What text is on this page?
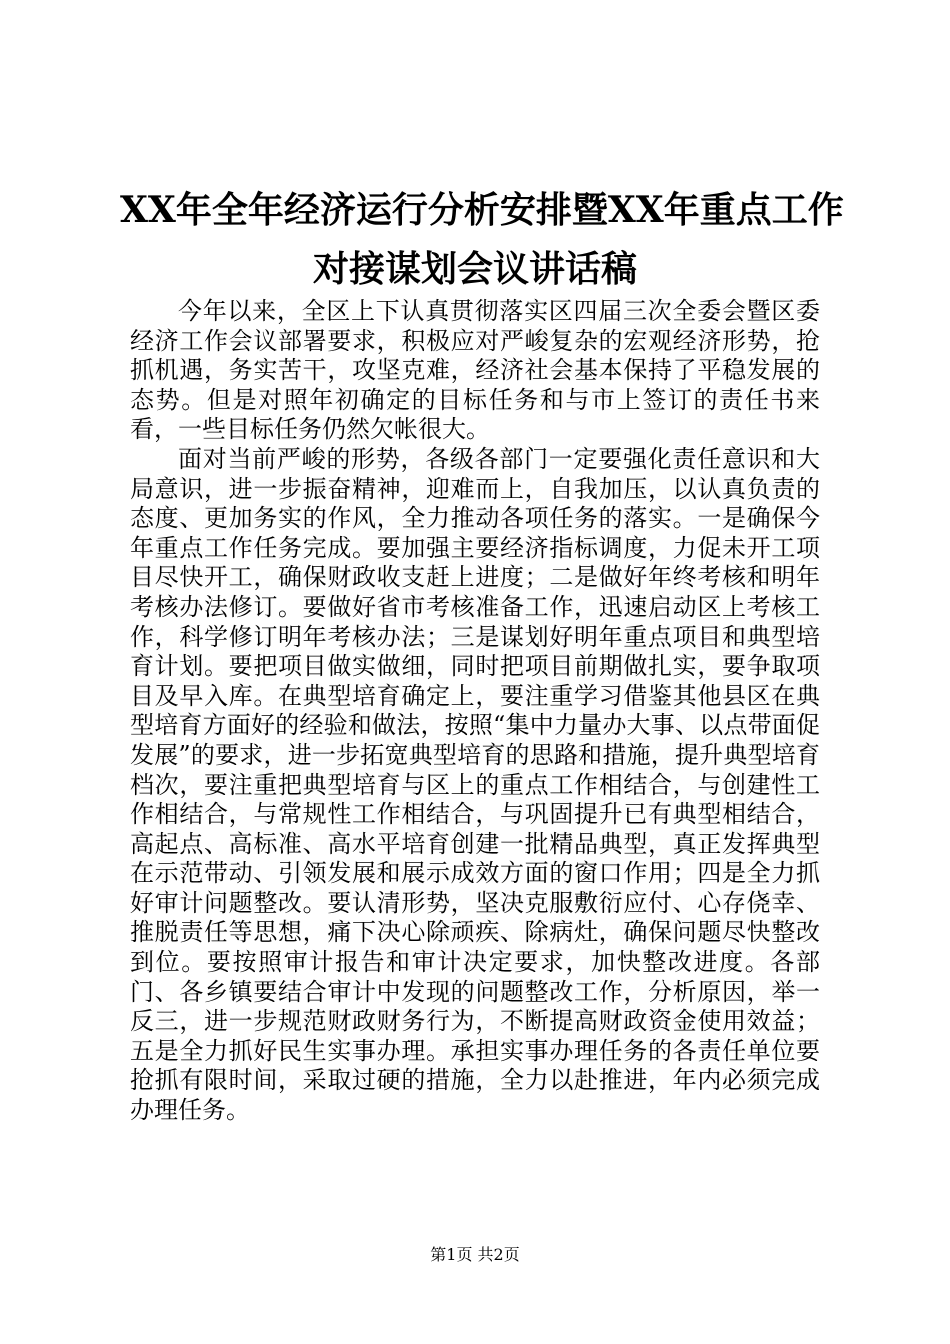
XX年全年经济运行分析安排暨XX年重点工作
对接谋划会议讲话稿

今年以来，全区上下认真贯彻落实区四届三次全委会暨区委经济工作会议部署要求，积极应对严峻复杂的宏观经济形势，抢抓机遇，务实苦干，攻坚克难，经济社会基本保持了平稳发展的态势。但是对照年初确定的目标任务和与市上签订的责任书来看，一些目标任务仍然欠帐很大。

面对当前严峻的形势，各级各部门一定要强化责任意识和大局意识，进一步振奋精神，迎难而上，自我加压，以认真负责的态度、更加务实的作风，全力推动各项任务的落实。一是确保今年重点工作任务完成。要加强主要经济指标调度，力促未开工项目尽快开工，确保财政收支赶上进度；二是做好年终考核和明年考核办法修订。要做好省市考核准备工作，迅速启动区上考核工作，科学修订明年考核办法；三是谋划好明年重点项目和典型培育计划。要把项目做实做细，同时把项目前期做扎实，要争取项目及早入库。在典型培育确定上，要注重学习借鉴其他县区在典型培育方面好的经验和做法，按照“集中力量办大事、以点带面促发展”的要求，进一步拓宽典型培育的思路和措施，提升典型培育档次，要注重把典型培育与区上的重点工作相结合，与创建性工作相结合，与常规性工作相结合，与巩固提升已有典型相结合，高起点、高标准、高水平培育创建一批精品典型，真正发挥典型在示范带动、引领发展和展示成效方面的窗口作用；四是全力抓好审计问题整改。要认清形势，坚决克服敷衍应付、心存侥幸、推脱责任等思想，痛下决心除顽疾、除病灶，确保问题尽快整改到位。要按照审计报告和审计决定要求，加快整改进度。各部门、各乡镇要结合审计中发现的问题整改工作，分析原因，举一反三，进一步规范财政财务行为，不断提高财政资金使用效益；五是全力抓好民生实事办理。承担实事办理任务的各责任单位要抢抓有限时间，采取过硬的措施，全力以赴推进，年内必须完成办理任务。

第1页 共2页
